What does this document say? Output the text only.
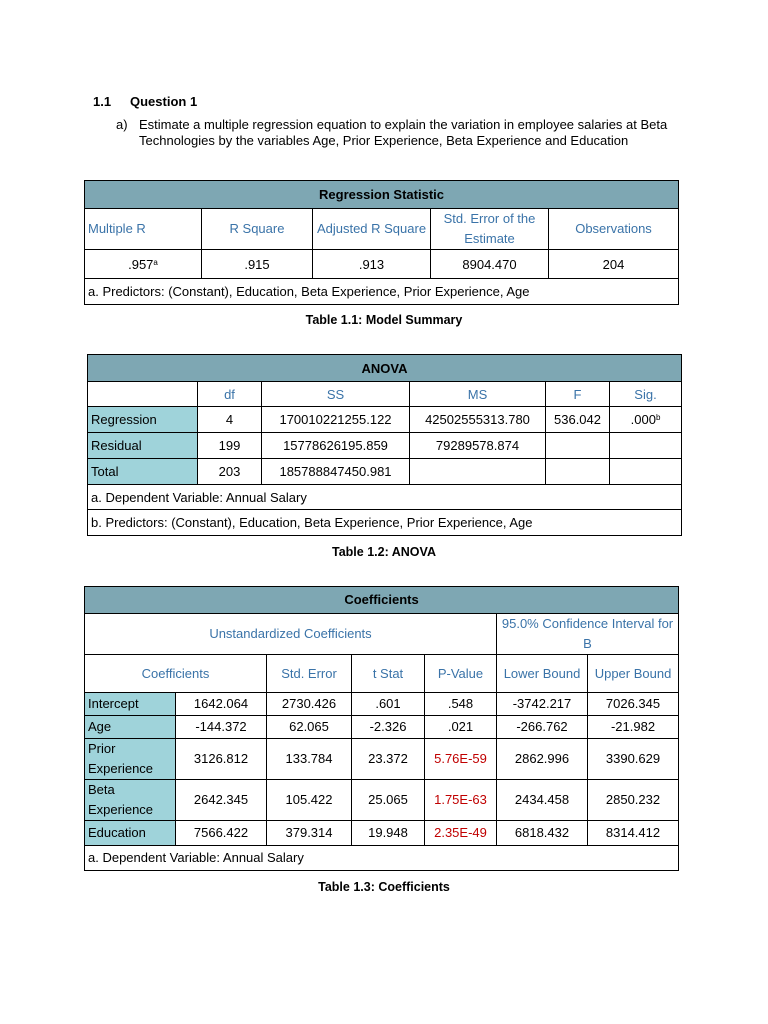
1.1 Question 1
a) Estimate a multiple regression equation to explain the variation in employee salaries at Beta Technologies by the variables Age, Prior Experience, Beta Experience and Education
Regression Statistic				
Multiple R	R Square	Adjusted R Square	Std. Error of the Estimate	Observations
.957$^a$	.915	.913	8904.470	204
a. Predictors: (Constant), Education, Beta Experience, Prior Experience, Age				
Table 1.1: Model Summary
ANOVA					
	df	SS	MS	F	Sig.
Regression	4	170010221255.122	42502555313.780	536.042	.000$^b$
Residual	199	15778626195.859	79289578.874		
Total	203	185788847450.981			
a. Dependent Variable: Annual Salary					
b. Predictors: (Constant), Education, Beta Experience, Prior Experience, Age					
Table 1.2: ANOVA
Coefficients						
Unstandardized Coefficients					95.0% Confidence Interval for B	
Coefficients		Std. Error	t Stat	P-Value	Lower Bound	Upper Bound
Intercept	1642.064	2730.426	.601	.548	-3742.217	7026.345
Age	-144.372	62.065	-2.326	.021	-266.762	-21.982
Prior Experience	3126.812	133.784	23.372	5.76E-59	2862.996	3390.629
Beta Experience	2642.345	105.422	25.065	1.75E-63	2434.458	2850.232
Education	7566.422	379.314	19.948	2.35E-49	6818.432	8314.412
a. Dependent Variable: Annual Salary						
Table 1.3: Coefficients
